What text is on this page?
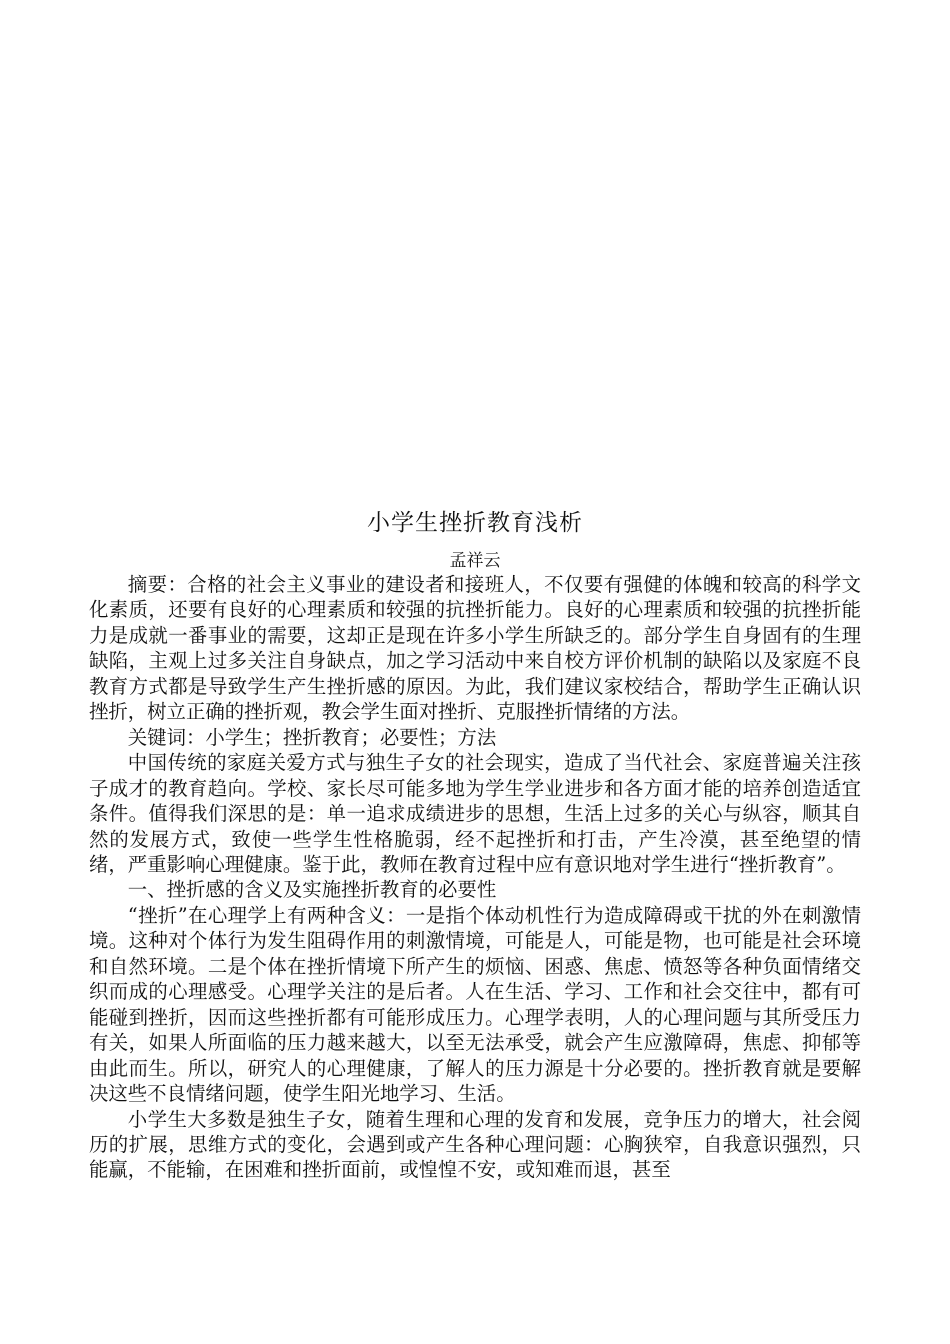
小学生挫折教育浅析
孟祥云

摘要：合格的社会主义事业的建设者和接班人，不仅要有强健的体魄和较高的科学文化素质，还要有良好的心理素质和较强的抗挫折能力。良好的心理素质和较强的抗挫折能力是成就一番事业的需要，这却正是现在许多小学生所缺乏的。部分学生自身固有的生理缺陷，主观上过多关注自身缺点，加之学习活动中来自校方评价机制的缺陷以及家庭不良教育方式都是导致学生产生挫折感的原因。为此，我们建议家校结合，帮助学生正确认识挫折，树立正确的挫折观，教会学生面对挫折、克服挫折情绪的方法。

关键词：小学生；挫折教育；必要性；方法

中国传统的家庭关爱方式与独生子女的社会现实，造成了当代社会、家庭普遍关注孩子成才的教育趋向。学校、家长尽可能多地为学生学业进步和各方面才能的培养创造适宜条件。值得我们深思的是：单一追求成绩进步的思想，生活上过多的关心与纵容，顺其自然的发展方式，致使一些学生性格脆弱，经不起挫折和打击，产生冷漠，甚至绝望的情绪，严重影响心理健康。鉴于此，教师在教育过程中应有意识地对学生进行“挫折教育”。

一、挫折感的含义及实施挫折教育的必要性

“挫折”在心理学上有两种含义：一是指个体动机性行为造成障碍或干扰的外在刺激情境。这种对个体行为发生阻碍作用的刺激情境，可能是人，可能是物，也可能是社会环境和自然环境。二是个体在挫折情境下所产生的烦恼、困惑、焦虑、愤怒等各种负面情绪交织而成的心理感受。心理学关注的是后者。人在生活、学习、工作和社会交往中，都有可能碰到挫折，因而这些挫折都有可能形成压力。心理学表明，人的心理问题与其所受压力有关，如果人所面临的压力越来越大，以至无法承受，就会产生应激障碍，焦虑、抑郁等由此而生。所以，研究人的心理健康，了解人的压力源是十分必要的。挫折教育就是要解决这些不良情绪问题，使学生阳光地学习、生活。

小学生大多数是独生子女，随着生理和心理的发育和发展，竞争压力的增大，社会阅历的扩展，思维方式的变化，会遇到或产生各种心理问题：心胸狭窄，自我意识强烈，只能赢，不能输，在困难和挫折面前，或惶惶不安，或知难而退，甚至
